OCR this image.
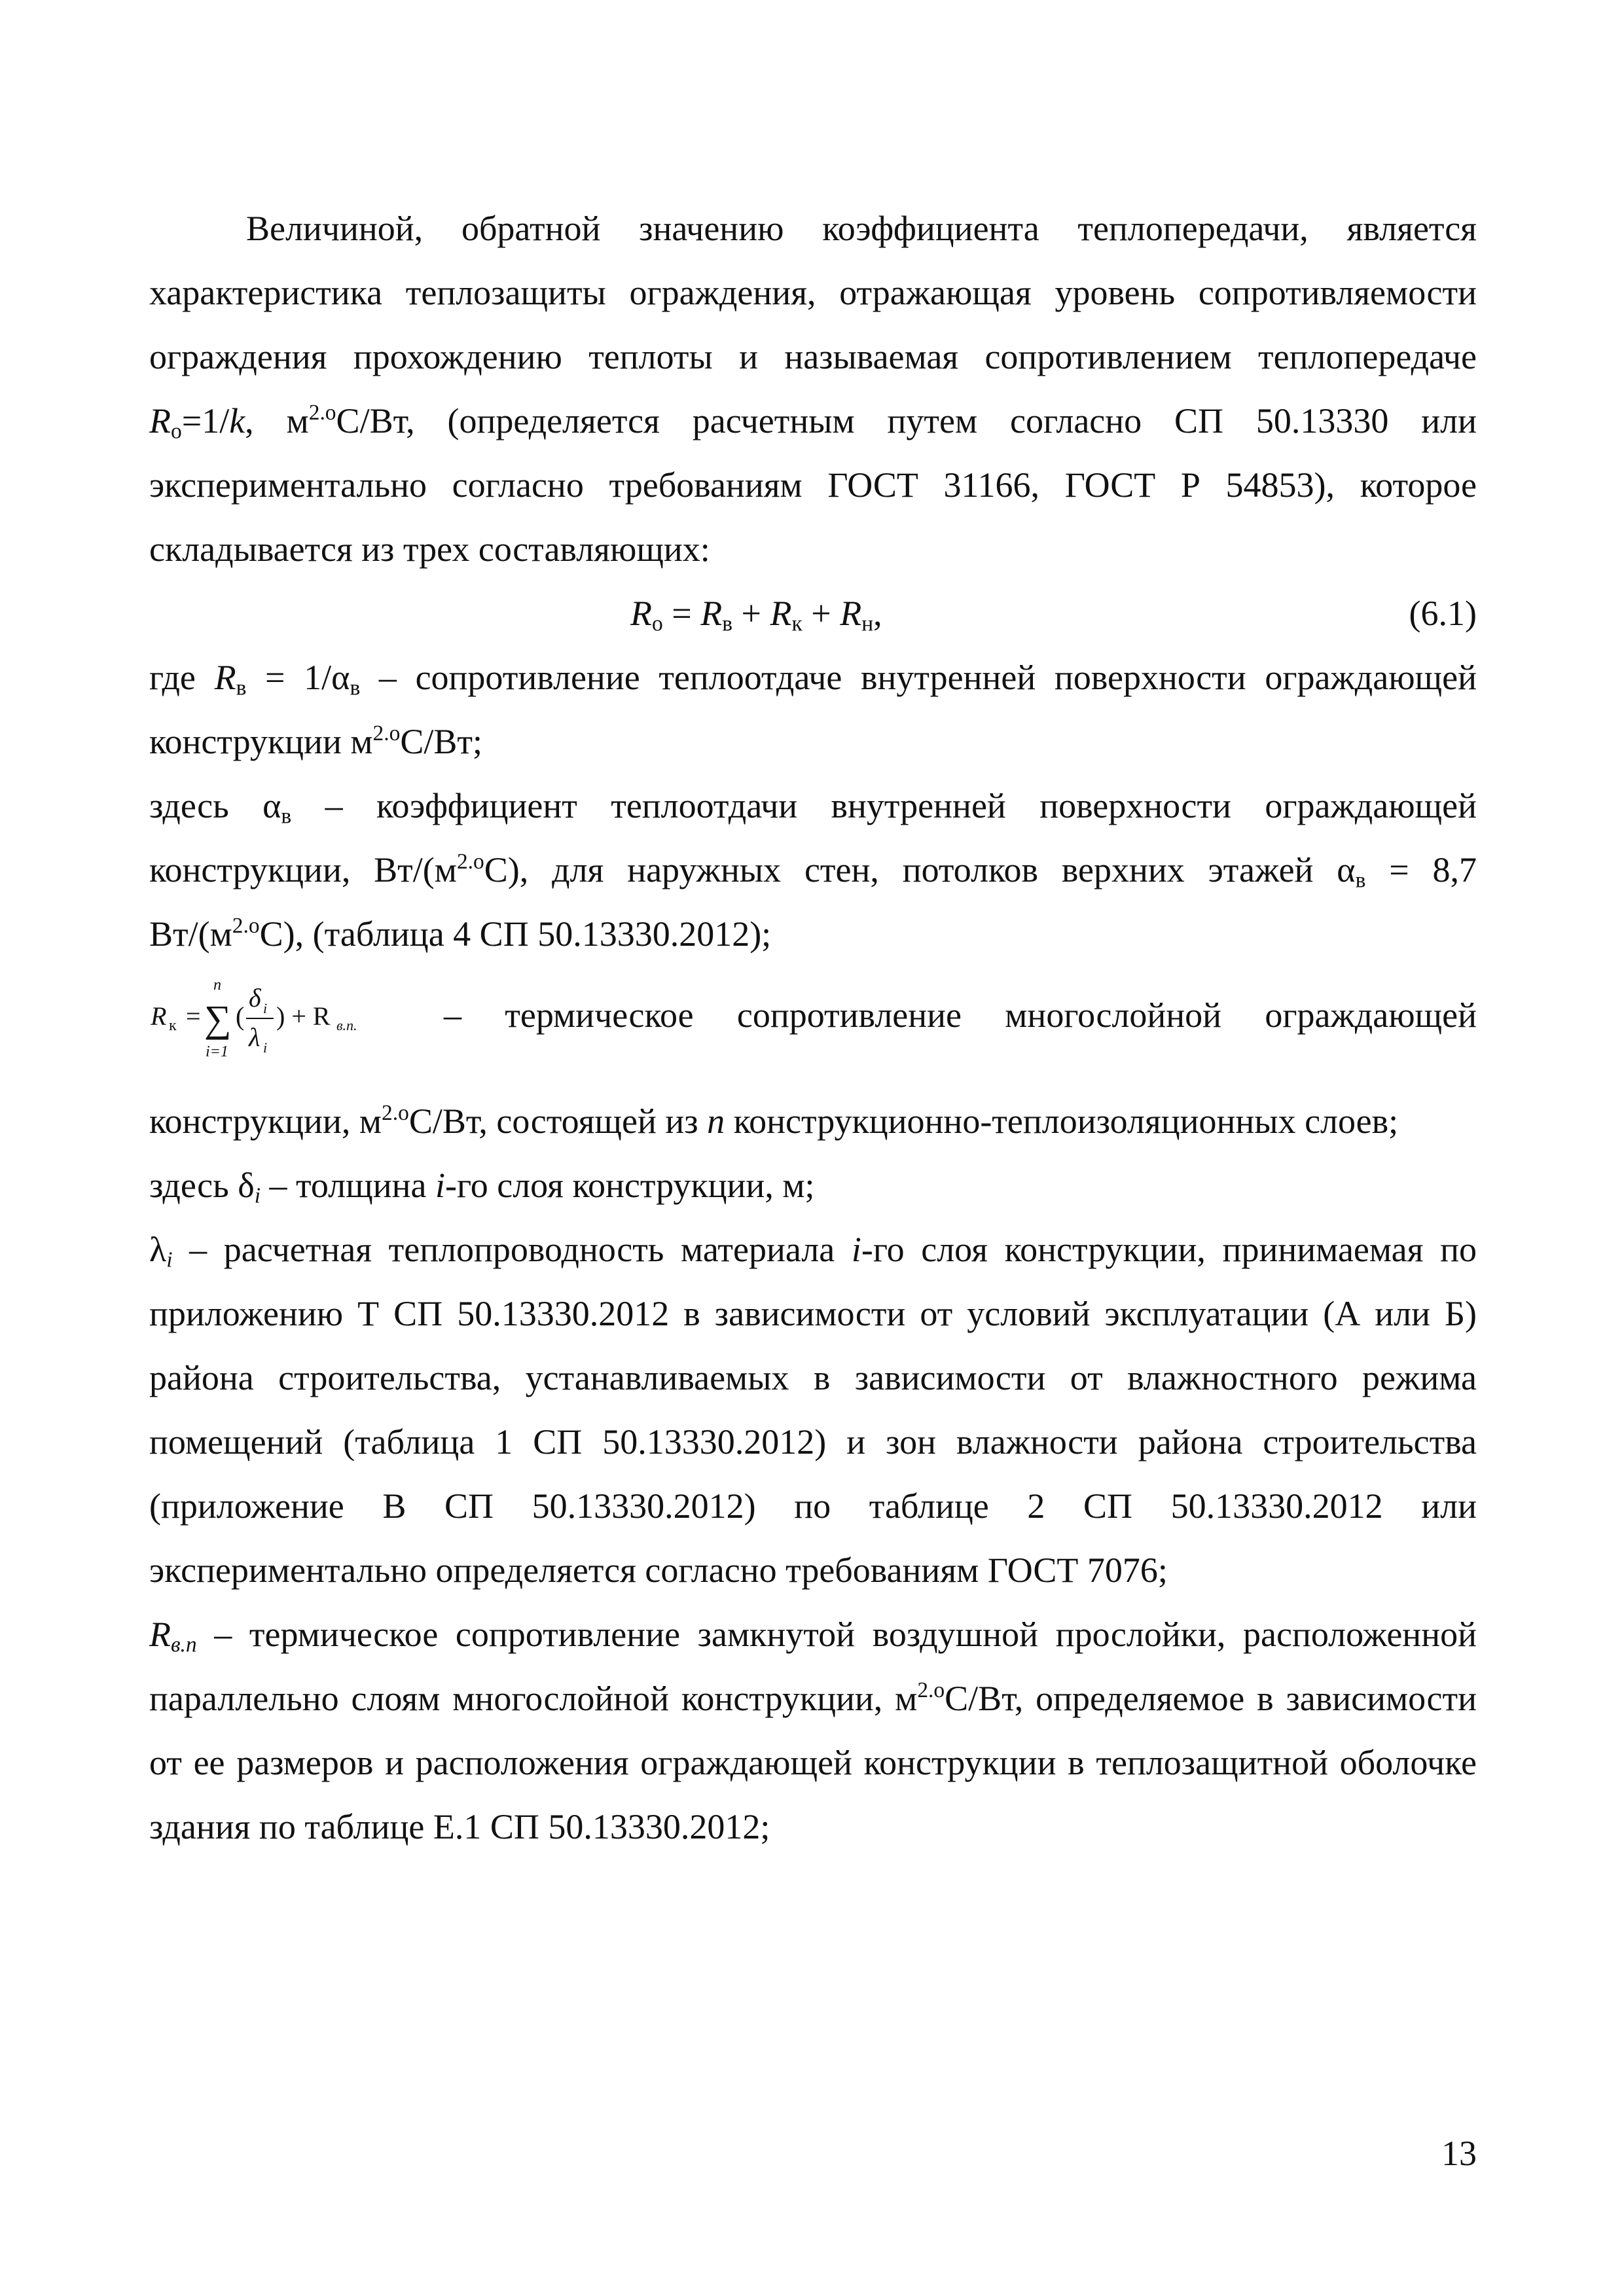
Величиной, обратной значению коэффициента теплопередачи, является характеристика теплозащиты ограждения, отражающая уровень сопротивляемости ограждения прохождению теплоты и называемая сопротивлением теплопередаче $R_о=1/k$, $м^{2.о}С/Вт$, (определяется расчетным путем согласно СП 50.13330 или экспериментально согласно требованиям ГОСТ 31166, ГОСТ Р 54853), которое складывается из трех составляющих:

$R_о = R_в + R_к + R_н$,	(6.1)

где $R_в = 1/\alpha_в$ – сопротивление теплоотдаче внутренней поверхности ограждающей конструкции $м^{2.о}С/Вт$;

здесь $\alpha_в$ – коэффициент теплоотдачи внутренней поверхности ограждающей конструкции, $Вт/(м^{2.о}С)$, для наружных стен, потолков верхних этажей $\alpha_в = 8,7$ $Вт/(м^{2.о}С)$, (таблица 4 СП 50.13330.2012);

R к = ∑
n
i=1
(
δ i
λ i
) + R в.п. – термическое сопротивление многослойной ограждающей

конструкции, $м^{2.о}С/Вт$, состоящей из n конструкционно-теплоизоляционных слоев;

здесь $\delta_i$ – толщина i-го слоя конструкции, м;

$\lambda_i$ – расчетная теплопроводность материала i-го слоя конструкции, принимаемая по приложению Т СП 50.13330.2012 в зависимости от условий эксплуатации (А или Б) района строительства, устанавливаемых в зависимости от влажностного режима помещений (таблица 1 СП 50.13330.2012) и зон влажности района строительства (приложение В СП 50.13330.2012) по таблице 2 СП 50.13330.2012 или экспериментально определяется согласно требованиям ГОСТ 7076;

$R_{в.п}$ – термическое сопротивление замкнутой воздушной прослойки, расположенной параллельно слоям многослойной конструкции, $м^{2.о}С/Вт$, определяемое в зависимости от ее размеров и расположения ограждающей конструкции в теплозащитной оболочке здания по таблице Е.1 СП 50.13330.2012;

13
